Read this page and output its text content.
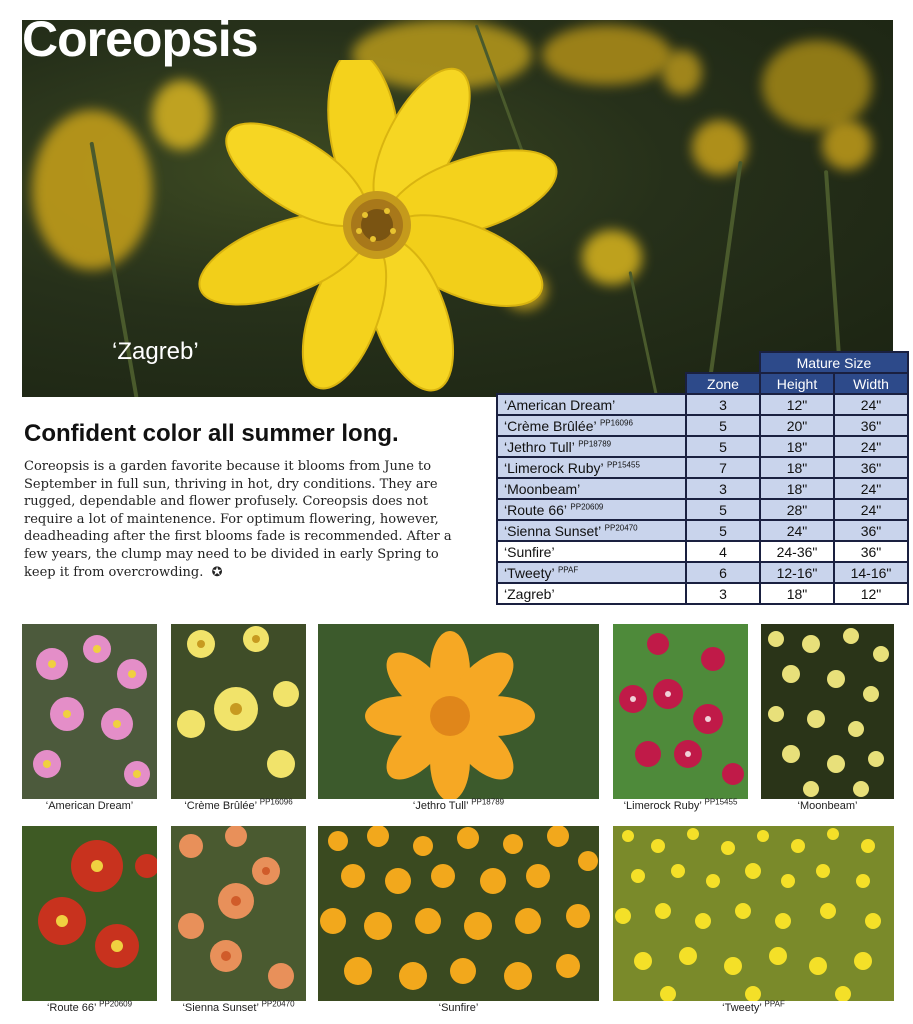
Coreopsis
‘Zagreb’
		Mature Size	
	Zone	Height	Width
‘American Dream’	3	12"	24"
‘Crème Brûlée’ $^{PP16096}$	5	20"	36"
‘Jethro Tull’ $^{PP18789}$	5	18"	24"
‘Limerock Ruby’ $^{PP15455}$	7	18"	36"
‘Moonbeam’	3	18"	24"
‘Route 66’ $^{PP20609}$	5	28"	24"
‘Sienna Sunset’ $^{PP20470}$	5	24"	36"
‘Sunfire’	4	24-36"	36"
‘Tweety’ $^{PPAF}$	6	12-16"	14-16"
‘Zagreb’	3	18"	12"
Confident color all summer long.
Coreopsis is a garden favorite because it blooms from June to September in full sun, thriving in hot, dry conditions. They are rugged, dependable and flower profusely. Coreopsis does not require a lot of maintenence. For optimum flowering, however, deadheading after the first blooms fade is recommended. After a few years, the clump may need to be divided in early Spring to keep it from overcrowding. ✪
‘American Dream’	‘Crème Brûlée’ $^{PP16096}$	‘Jethro Tull’ $^{PP18789}$	‘Limerock Ruby’ $^{PP15455}$	‘Moonbeam’
‘Route 66’ $^{PP20609}$	‘Sienna Sunset’ $^{PP20470}$	‘Sunfire’	‘Tweety’ $^{PPAF}$
